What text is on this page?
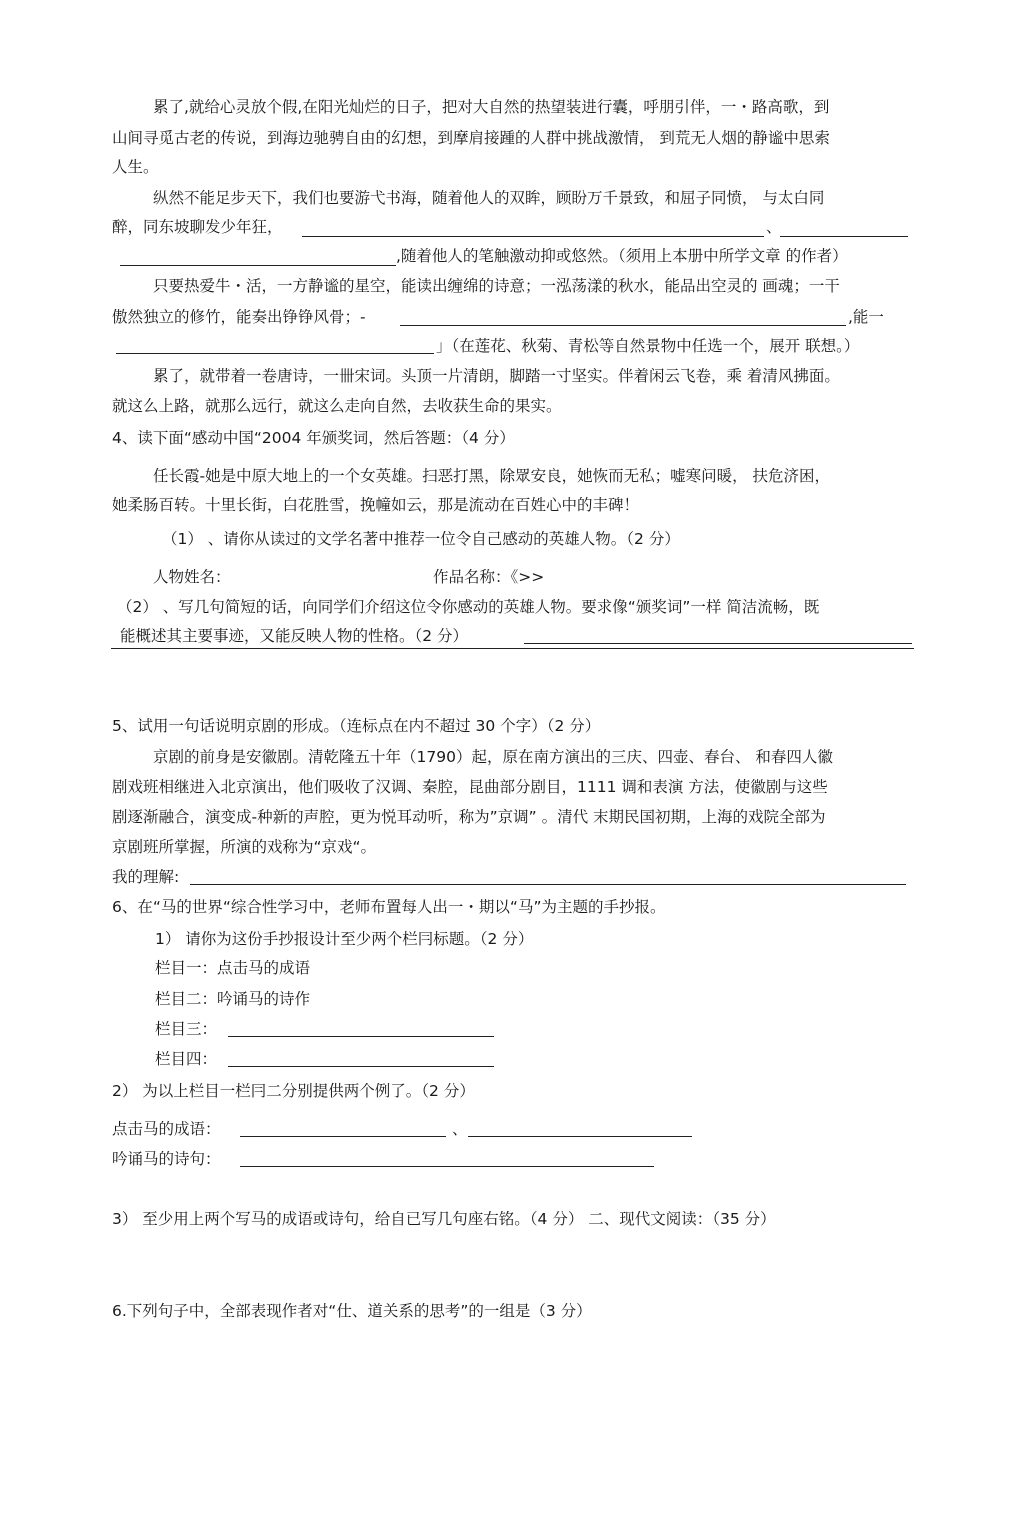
累了,就给心灵放个假,在阳光灿烂的日子，把对大自然的热望装进行囊，呼朋引伴，一・路高歌，到
山间寻觅古老的传说，到海边驰骋自由的幻想，到摩肩接踵的人群中挑战激情， 到荒无人烟的静谧中思索
人生。
纵然不能足步天下，我们也要游弋书海，随着他人的双眸，顾盼万千景致，和屈子同愤， 与太白同
醉，同东坡聊发少年狂，	、
,随着他人的笔触激动抑或悠然。（须用上本册中所学文章 的作者）
只要热爱牛・活，一方静谧的星空，能读出缠绵的诗意；一泓荡漾的秋水，能品出空灵的 画魂；一干
傲然独立的修竹，能奏出铮铮风骨；-	,能一
」（在莲花、秋菊、青松等自然景物中任选一个，展开 联想。）
累了，就带着一卷唐诗，一卌宋词。头顶一片清朗，脚踏一寸坚实。伴着闲云飞卷，乘 着清风拂面。
就这么上路，就那么远行，就这么走向自然，去收获生命的果实。
4、读下面“感动中国“2004 年颁奖词，然后答题：（4 分）
任长霞-她是中原大地上的一个女英雄。扫恶打黑，除眾安良，她恢而无私；嘘寒问暖， 扶危济困，
她柔肠百转。十里长街，白花胜雪，挽幢如云，那是流动在百姓心中的丰碑！
（1） 、请你从读过的文学名著中推荐一位令自己感动的英雄人物。（2 分）
人物姓名：	作品名称：《>>
（2） 、写几句简短的话，向同学们介绍这位令你感动的英雄人物。要求像“颁奖词”一样 简洁流畅，既
能概述其主要事迹，又能反映人物的性格。（2 分）
5、试用一句话说明京剧的形成。（连标点在内不超过 30 个字）（2 分）
京剧的前身是安徽剧。清乾隆五十年（1790）起，原在南方演出的三庆、四壶、春台、 和春四人徽
剧戏班相继进入北京演出，他们吸收了汉调、秦腔，昆曲部分剧目，1111 调和表演 方法，使徽剧与这些
剧逐渐融合，演变成-种新的声腔，更为悦耳动听，称为”京调” 。清代 末期民国初期，上海的戏院全部为
京剧班所掌握，所演的戏称为“京戏“。
我的理解:
6、在“马的世界“综合性学习中，老师布置每人出一・期以“马”为主题的手抄报。
1） 请你为这份手抄报设计至少两个栏冃标题。（2 分）
栏目一：点击马的成语
栏目二：吟诵马的诗作
栏目三：
栏目四：
2） 为以上栏目一栏冃二分别提供两个例了。（2 分）
点击马的成语：	、
吟诵马的诗句：
3） 至少用上两个写马的成语或诗句，给自已写几句座右铭。（4 分） 二、现代文阅读：（35 分）
6.下列句子中，全部表现作者对“仕、道关系的思考”的一组是（3 分）
